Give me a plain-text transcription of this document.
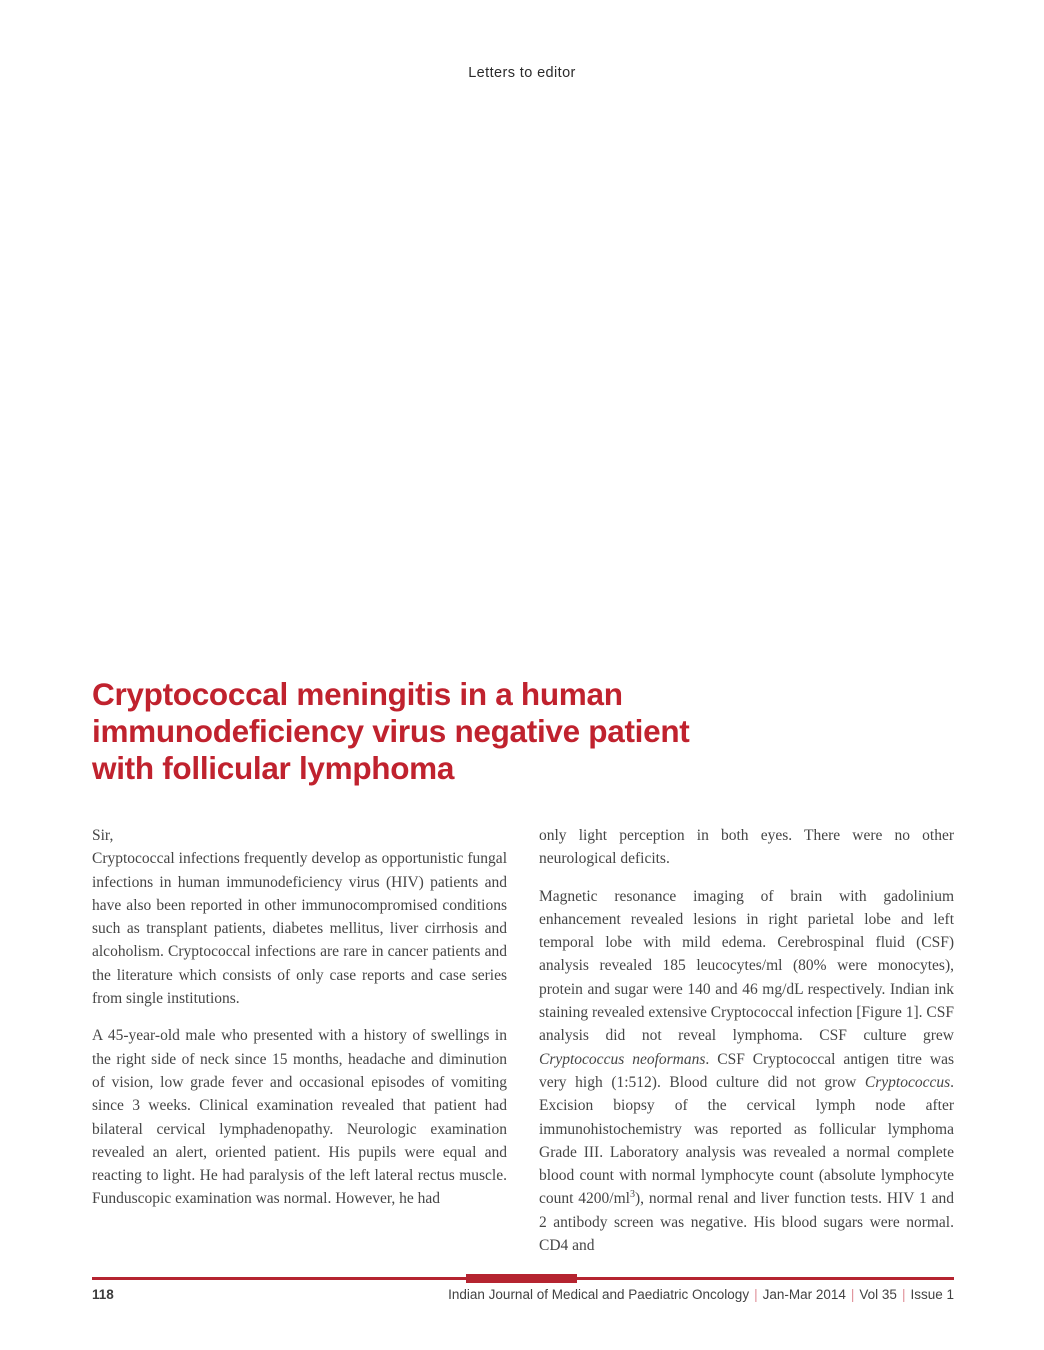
Letters to editor
Cryptococcal meningitis in a human
immunodeficiency virus negative patient
with follicular lymphoma
Sir,

Cryptococcal infections frequently develop as opportunistic fungal infections in human immunodeficiency virus (HIV) patients and have also been reported in other immunocompromised conditions such as transplant patients, diabetes mellitus, liver cirrhosis and alcoholism. Cryptococcal infections are rare in cancer patients and the literature which consists of only case reports and case series from single institutions.

A 45-year-old male who presented with a history of swellings in the right side of neck since 15 months, headache and diminution of vision, low grade fever and occasional episodes of vomiting since 3 weeks. Clinical examination revealed that patient had bilateral cervical lymphadenopathy. Neurologic examination revealed an alert, oriented patient. His pupils were equal and reacting to light. He had paralysis of the left lateral rectus muscle. Funduscopic examination was normal. However, he had

only light perception in both eyes. There were no other neurological deficits.

Magnetic resonance imaging of brain with gadolinium enhancement revealed lesions in right parietal lobe and left temporal lobe with mild edema. Cerebrospinal fluid (CSF) analysis revealed 185 leucocytes/ml (80% were monocytes), protein and sugar were 140 and 46 mg/dL respectively. Indian ink staining revealed extensive Cryptococcal infection [Figure 1]. CSF analysis did not reveal lymphoma. CSF culture grew Cryptococcus neoformans. CSF Cryptococcal antigen titre was very high (1:512). Blood culture did not grow Cryptococcus. Excision biopsy of the cervical lymph node after immunohistochemistry was reported as follicular lymphoma Grade III. Laboratory analysis was revealed a normal complete blood count with normal lymphocyte count (absolute lymphocyte count $4200/ml^3$), normal renal and liver function tests. HIV 1 and 2 antibody screen was negative. His blood sugars were normal. CD4 and

118	Indian Journal of Medical and Paediatric Oncology | Jan-Mar 2014 | Vol 35 | Issue 1
